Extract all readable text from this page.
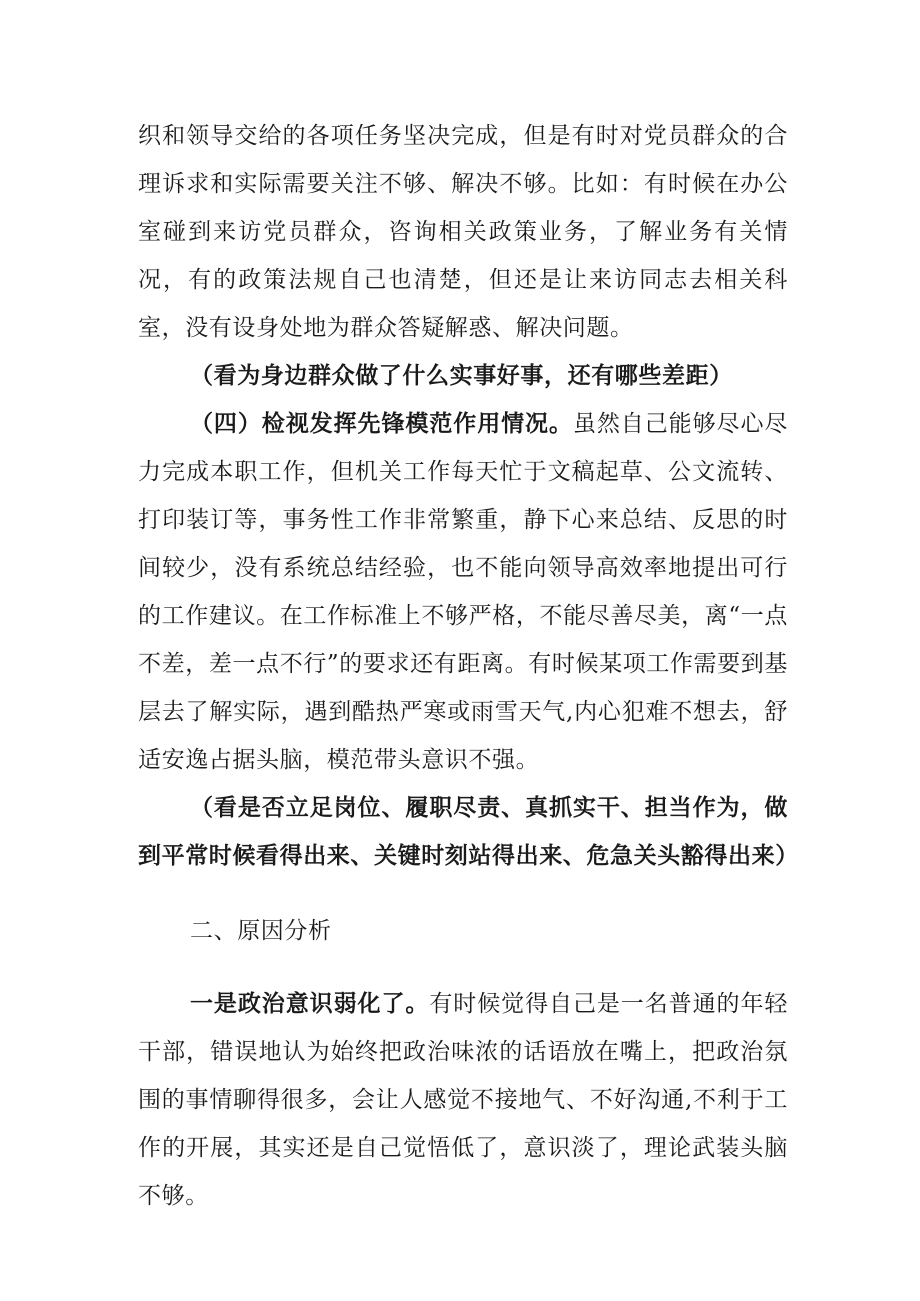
织和领导交给的各项任务坚决完成，但是有时对党员群众的合理诉求和实际需要关注不够、解决不够。比如：有时候在办公室碰到来访党员群众，咨询相关政策业务，了解业务有关情况，有的政策法规自己也清楚，但还是让来访同志去相关科室，没有设身处地为群众答疑解惑、解决问题。

（看为身边群众做了什么实事好事，还有哪些差距）

（四）检视发挥先锋模范作用情况。虽然自己能够尽心尽力完成本职工作，但机关工作每天忙于文稿起草、公文流转、打印装订等，事务性工作非常繁重，静下心来总结、反思的时间较少，没有系统总结经验，也不能向领导高效率地提出可行的工作建议。在工作标准上不够严格，不能尽善尽美，离“一点不差，差一点不行”的要求还有距离。有时候某项工作需要到基层去了解实际，遇到酷热严寒或雨雪天气,内心犯难不想去，舒适安逸占据头脑，模范带头意识不强。

（看是否立足岗位、履职尽责、真抓实干、担当作为，做到平常时候看得出来、关键时刻站得出来、危急关头豁得出来）

二、原因分析

一是政治意识弱化了。有时候觉得自己是一名普通的年轻干部，错误地认为始终把政治味浓的话语放在嘴上，把政治氛围的事情聊得很多，会让人感觉不接地气、不好沟通,不利于工作的开展，其实还是自己觉悟低了，意识淡了，理论武装头脑不够。
